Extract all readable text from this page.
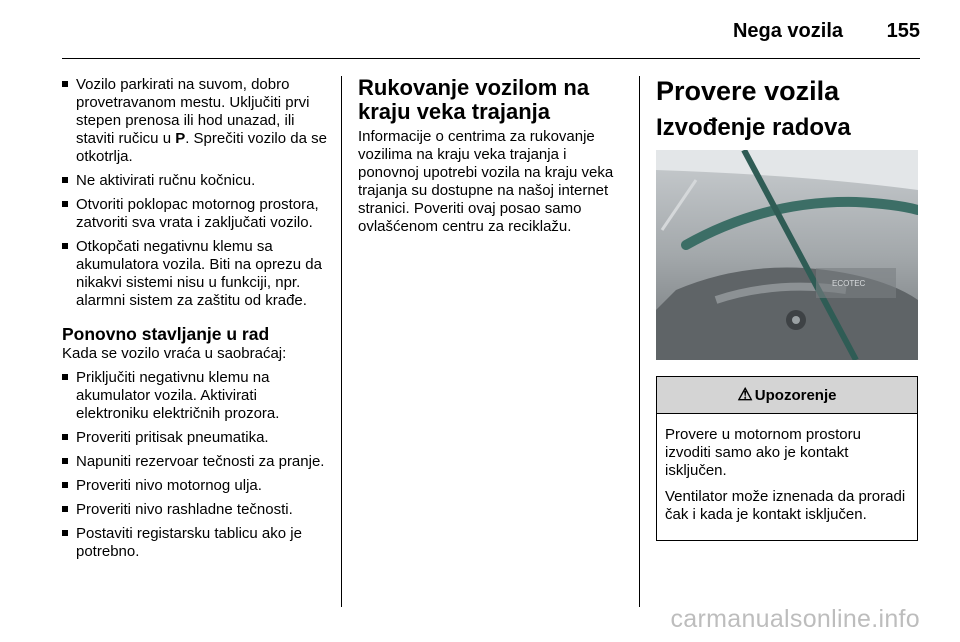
Nega vozila 155
Vozilo parkirati na suvom, dobro provetravanom mestu. Uključiti prvi stepen prenosa ili hod unazad, ili staviti ručicu u P. Sprečiti vozilo da se otkotrlja.
Ne aktivirati ručnu kočnicu.
Otvoriti poklopac motornog prostora, zatvoriti sva vrata i zaključati vozilo.
Otkopčati negativnu klemu sa akumulatora vozila. Biti na oprezu da nikakvi sistemi nisu u funkciji, npr. alarmni sistem za zaštitu od krađe.
Ponovno stavljanje u rad

Kada se vozilo vraća u saobraćaj:

Priključiti negativnu klemu na akumulator vozila. Aktivirati elektroniku električnih prozora.
Proveriti pritisak pneumatika.
Napuniti rezervoar tečnosti za pranje.
Proveriti nivo motornog ulja.
Proveriti nivo rashladne tečnosti.
Postaviti registarsku tablicu ako je potrebno.
Rukovanje vozilom na kraju veka trajanja

Informacije o centrima za rukovanje vozilima na kraju veka trajanja i ponovnoj upotrebi vozila na kraju veka trajanja su dostupne na našoj internet stranici. Poveriti ovaj posao samo ovlašćenom centru za reciklažu.

Provere vozila
Izvođenje radova
ECOTEC
⚠ Upozorenje

Provere u motornom prostoru izvoditi samo ako je kontakt isključen.

Ventilator može iznenada da proradi čak i kada je kontakt isključen.

carmanualsonline.info
